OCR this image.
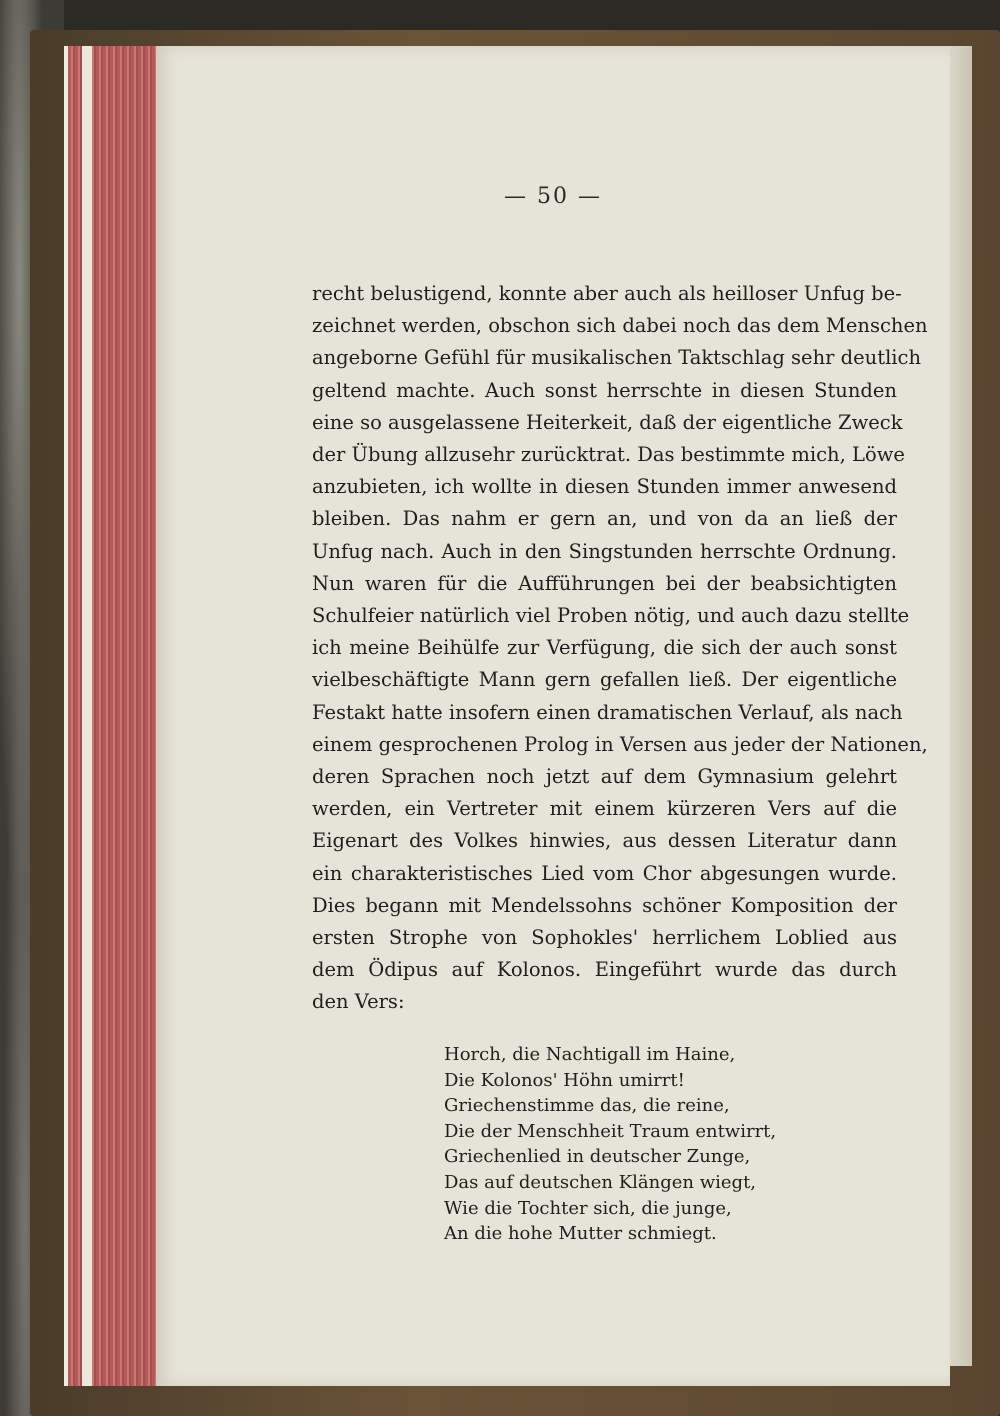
— 50 —
recht belustigend, konnte aber auch als heilloser Unfug be-
zeichnet werden, obschon sich dabei noch das dem Menschen
angeborne Gefühl für musikalischen Taktschlag sehr deutlich
geltend machte. Auch sonst herrschte in diesen Stunden
eine so ausgelassene Heiterkeit, daß der eigentliche Zweck
der Übung allzusehr zurücktrat. Das bestimmte mich, Löwe
anzubieten, ich wollte in diesen Stunden immer anwesend
bleiben. Das nahm er gern an, und von da an ließ der
Unfug nach. Auch in den Singstunden herrschte Ordnung.
Nun waren für die Aufführungen bei der beabsichtigten
Schulfeier natürlich viel Proben nötig, und auch dazu stellte
ich meine Beihülfe zur Verfügung, die sich der auch sonst
vielbeschäftigte Mann gern gefallen ließ. Der eigentliche
Festakt hatte insofern einen dramatischen Verlauf, als nach
einem gesprochenen Prolog in Versen aus jeder der Nationen,
deren Sprachen noch jetzt auf dem Gymnasium gelehrt
werden, ein Vertreter mit einem kürzeren Vers auf die
Eigenart des Volkes hinwies, aus dessen Literatur dann
ein charakteristisches Lied vom Chor abgesungen wurde.
Dies begann mit Mendelssohns schöner Komposition der
ersten Strophe von Sophokles' herrlichem Loblied aus
dem Ödipus auf Kolonos. Eingeführt wurde das durch
den Vers:
Horch, die Nachtigall im Haine,
Die Kolonos' Höhn umirrt!
Griechenstimme das, die reine,
Die der Menschheit Traum entwirrt,
Griechenlied in deutscher Zunge,
Das auf deutschen Klängen wiegt,
Wie die Tochter sich, die junge,
An die hohe Mutter schmiegt.
